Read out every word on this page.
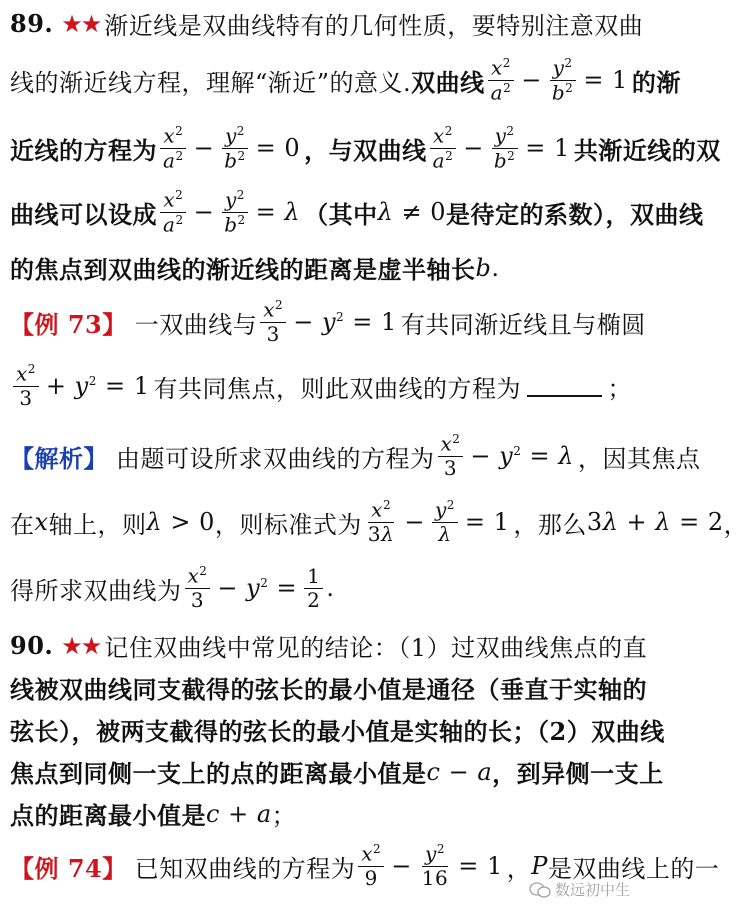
89. ★★ 渐近线是双曲线特有的几何性质，要特别注意双曲
线的渐近线方程，理解“渐近”的意义. 双曲线 $\frac{x^2}{a^2} - \frac{y^2}{b^2} = 1$ 的渐
近线的方程为 $\frac{x^2}{a^2} - \frac{y^2}{b^2} = 0$ ，与双曲线 $\frac{x^2}{a^2} - \frac{y^2}{b^2} = 1$ 共渐近线的双
曲线可以设成 $\frac{x^2}{a^2} - \frac{y^2}{b^2} = \lambda$ （其中 λ ≠ 0 是待定的系数），双曲线
的焦点到双曲线的渐近线的距离是虚半轴长 b .
【例 73】 一双曲线与 $\frac{x^2}{3} - y^2 = 1$ 有共同渐近线且与椭圆
$\frac{x^2}{3} + y^2 = 1$ 有共同焦点，则此双曲线的方程为	；
【解析】 由题可设所求双曲线的方程为 $\frac{x^2}{3} - y^2 = \lambda$ ，因其焦点
在 x 轴上，则 λ > 0 ，则标准式为 $\frac{x^2}{3\lambda} - \frac{y^2}{\lambda} = 1$ ，那么 3λ + λ = 2 ，
得所求双曲线为 $\frac{x^2}{3} - y^2 = \frac{1}{2}$ .
90. ★★ 记住双曲线中常见的结论：（1）过双曲线焦点的直
线被双曲线同支截得的弦长的最小值是通径（垂直于实轴的
弦长），被两支截得的弦长的最小值是实轴的长；（2）双曲线
焦点到同侧一支上的点的距离最小值是 c − a ，到异侧一支上
点的距离最小值是 c + a ；
【例 74】 已知双曲线的方程为 $\frac{x^2}{9} - \frac{y^2}{16} = 1$ ， P 是双曲线上的一
数远初中生
